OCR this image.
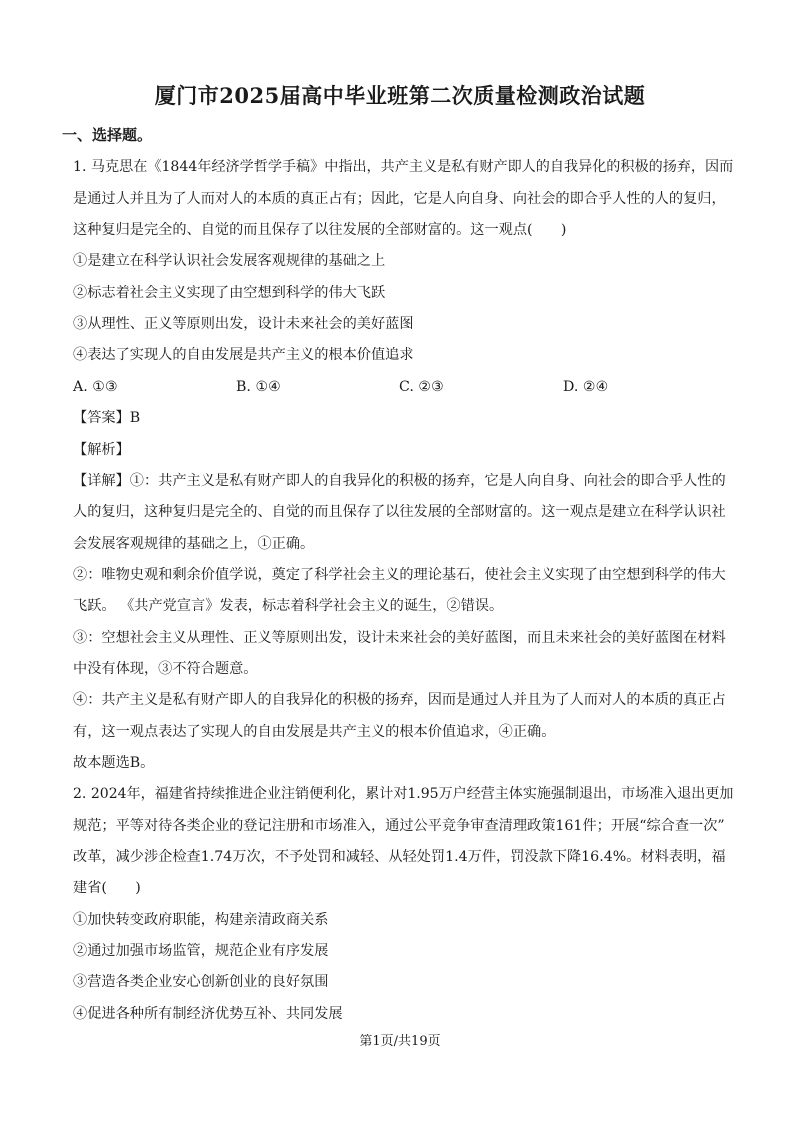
厦门市2025届高中毕业班第二次质量检测政治试题
一、选择题。
1. 马克思在《1844年经济学哲学手稿》中指出，共产主义是私有财产即人的自我异化的积极的扬弃，因而
是通过人并且为了人而对人的本质的真正占有；因此，它是人向自身、向社会的即合乎人性的人的复归，
这种复归是完全的、自觉的而且保存了以往发展的全部财富的。这一观点(　　)
①是建立在科学认识社会发展客观规律的基础之上
②标志着社会主义实现了由空想到科学的伟大飞跃
③从理性、正义等原则出发，设计未来社会的美好蓝图
④表达了实现人的自由发展是共产主义的根本价值追求
A. ①③	B. ①④	C. ②③	D. ②④
【答案】B
【解析】
【详解】①：共产主义是私有财产即人的自我异化的积极的扬弃，它是人向自身、向社会的即合乎人性的
人的复归，这种复归是完全的、自觉的而且保存了以往发展的全部财富的。这一观点是建立在科学认识社
会发展客观规律的基础之上，①正确。
②：唯物史观和剩余价值学说，奠定了科学社会主义的理论基石，使社会主义实现了由空想到科学的伟大
飞跃。 《共产党宣言》发表，标志着科学社会主义的诞生，②错误。
③：空想社会主义从理性、正义等原则出发，设计未来社会的美好蓝图，而且未来社会的美好蓝图在材料
中没有体现，③不符合题意。
④：共产主义是私有财产即人的自我异化的积极的扬弃，因而是通过人并且为了人而对人的本质的真正占
有，这一观点表达了实现人的自由发展是共产主义的根本价值追求，④正确。
故本题选B。
2. 2024年，福建省持续推进企业注销便利化，累计对1.95万户经营主体实施强制退出，市场准入退出更加
规范；平等对待各类企业的登记注册和市场准入，通过公平竞争审查清理政策161件；开展“综合查一次”
改革，减少涉企检查1.74万次，不予处罚和减轻、从轻处罚1.4万件，罚没款下降16.4%。材料表明，福
建省(　　)
①加快转变政府职能，构建亲清政商关系
②通过加强市场监管，规范企业有序发展
③营造各类企业安心创新创业的良好氛围
④促进各种所有制经济优势互补、共同发展
第1页/共19页
